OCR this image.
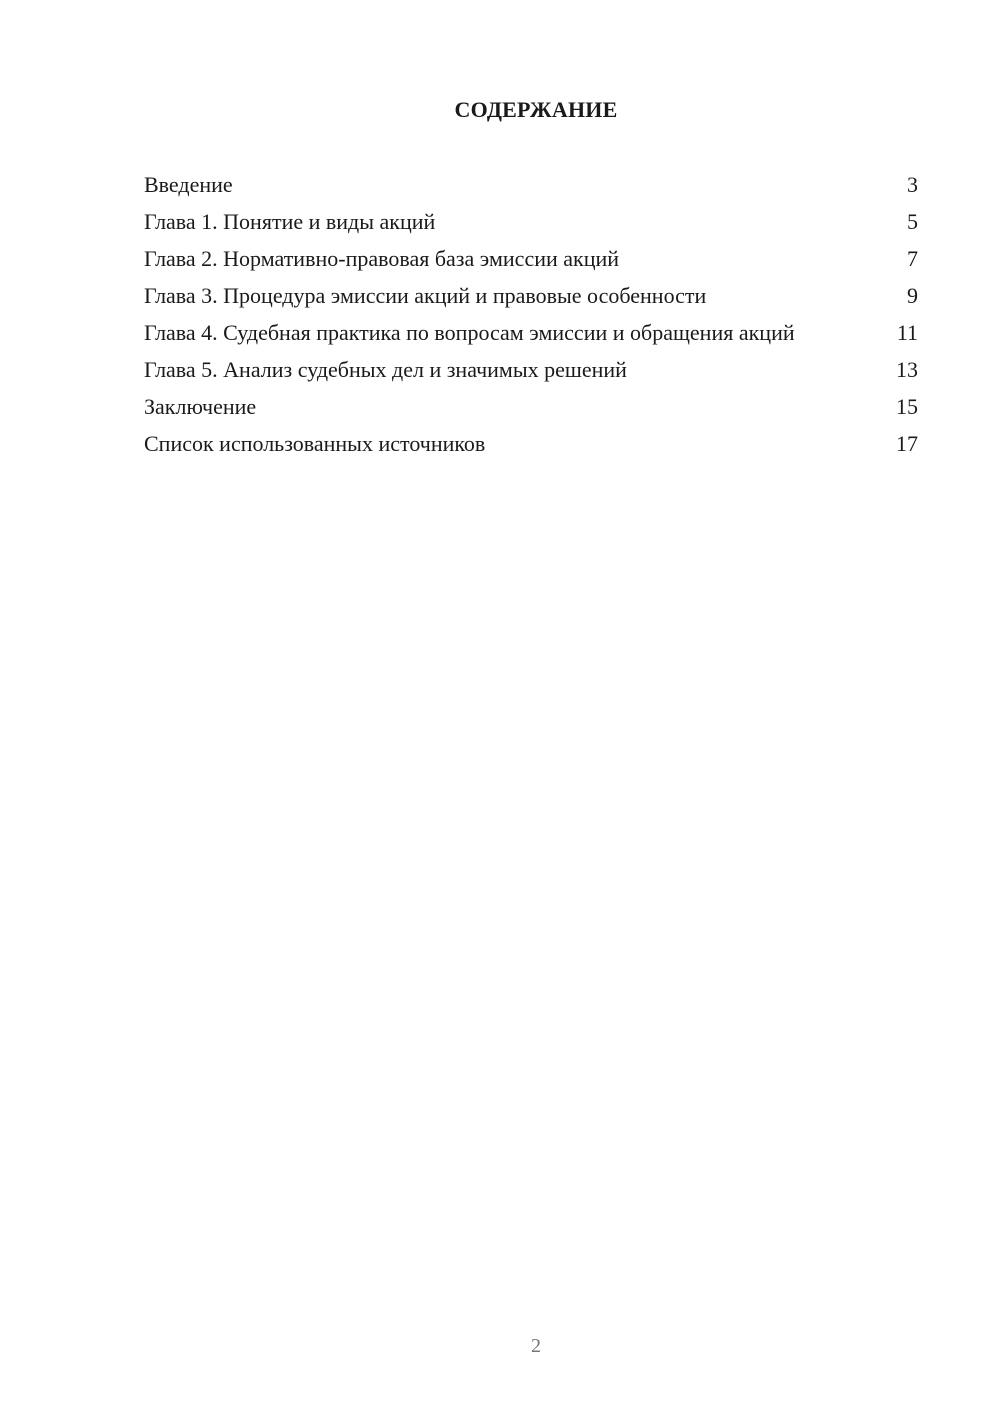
СОДЕРЖАНИЕ
Введение	3
Глава 1. Понятие и виды акций	5
Глава 2. Нормативно-правовая база эмиссии акций	7
Глава 3. Процедура эмиссии акций и правовые особенности	9
Глава 4. Судебная практика по вопросам эмиссии и обращения акций	11
Глава 5. Анализ судебных дел и значимых решений	13
Заключение	15
Список использованных источников	17
2
